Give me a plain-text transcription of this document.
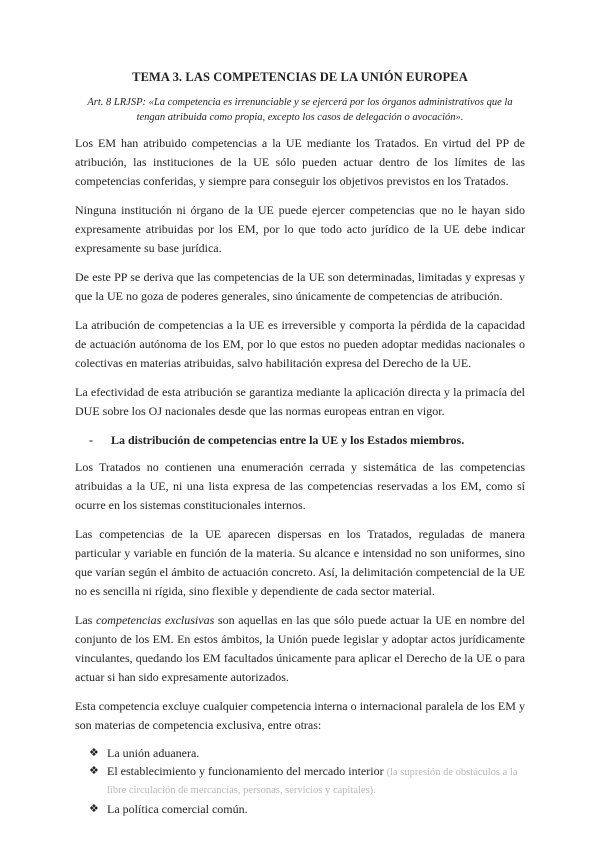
TEMA 3. LAS COMPETENCIAS DE LA UNIÓN EUROPEA

Art. 8 LRJSP: «La competencia es irrenunciable y se ejercerá por los órganos administrativos que la tengan atribuida como propia, excepto los casos de delegación o avocación».

Los EM han atribuido competencias a la UE mediante los Tratados. En virtud del PP de atribución, las instituciones de la UE sólo pueden actuar dentro de los límites de las competencias conferidas, y siempre para conseguir los objetivos previstos en los Tratados.

Ninguna institución ni órgano de la UE puede ejercer competencias que no le hayan sido expresamente atribuidas por los EM, por lo que todo acto jurídico de la UE debe indicar expresamente su base jurídica.

De este PP se deriva que las competencias de la UE son determinadas, limitadas y expresas y que la UE no goza de poderes generales, sino únicamente de competencias de atribución.

La atribución de competencias a la UE es irreversible y comporta la pérdida de la capacidad de actuación autónoma de los EM, por lo que estos no pueden adoptar medidas nacionales o colectivas en materias atribuidas, salvo habilitación expresa del Derecho de la UE.

La efectividad de esta atribución se garantiza mediante la aplicación directa y la primacía del DUE sobre los OJ nacionales desde que las normas europeas entran en vigor.

-	La distribución de competencias entre la UE y los Estados miembros.

Los Tratados no contienen una enumeración cerrada y sistemática de las competencias atribuidas a la UE, ni una lista expresa de las competencias reservadas a los EM, como sí ocurre en los sistemas constitucionales internos.

Las competencias de la UE aparecen dispersas en los Tratados, reguladas de manera particular y variable en función de la materia. Su alcance e intensidad no son uniformes, sino que varían según el ámbito de actuación concreto. Así, la delimitación competencial de la UE no es sencilla ni rígida, sino flexible y dependiente de cada sector material.

Las competencias exclusivas son aquellas en las que sólo puede actuar la UE en nombre del conjunto de los EM. En estos ámbitos, la Unión puede legislar y adoptar actos jurídicamente vinculantes, quedando los EM facultados únicamente para aplicar el Derecho de la UE o para actuar si han sido expresamente autorizados.

Esta competencia excluye cualquier competencia interna o internacional paralela de los EM y son materias de competencia exclusiva, entre otras:

❖ La unión aduanera.
❖ El establecimiento y funcionamiento del mercado interior (la supresión de obstáculos a la libre circulación de mercancías, personas, servicios y capitales).
❖ La política comercial común.
